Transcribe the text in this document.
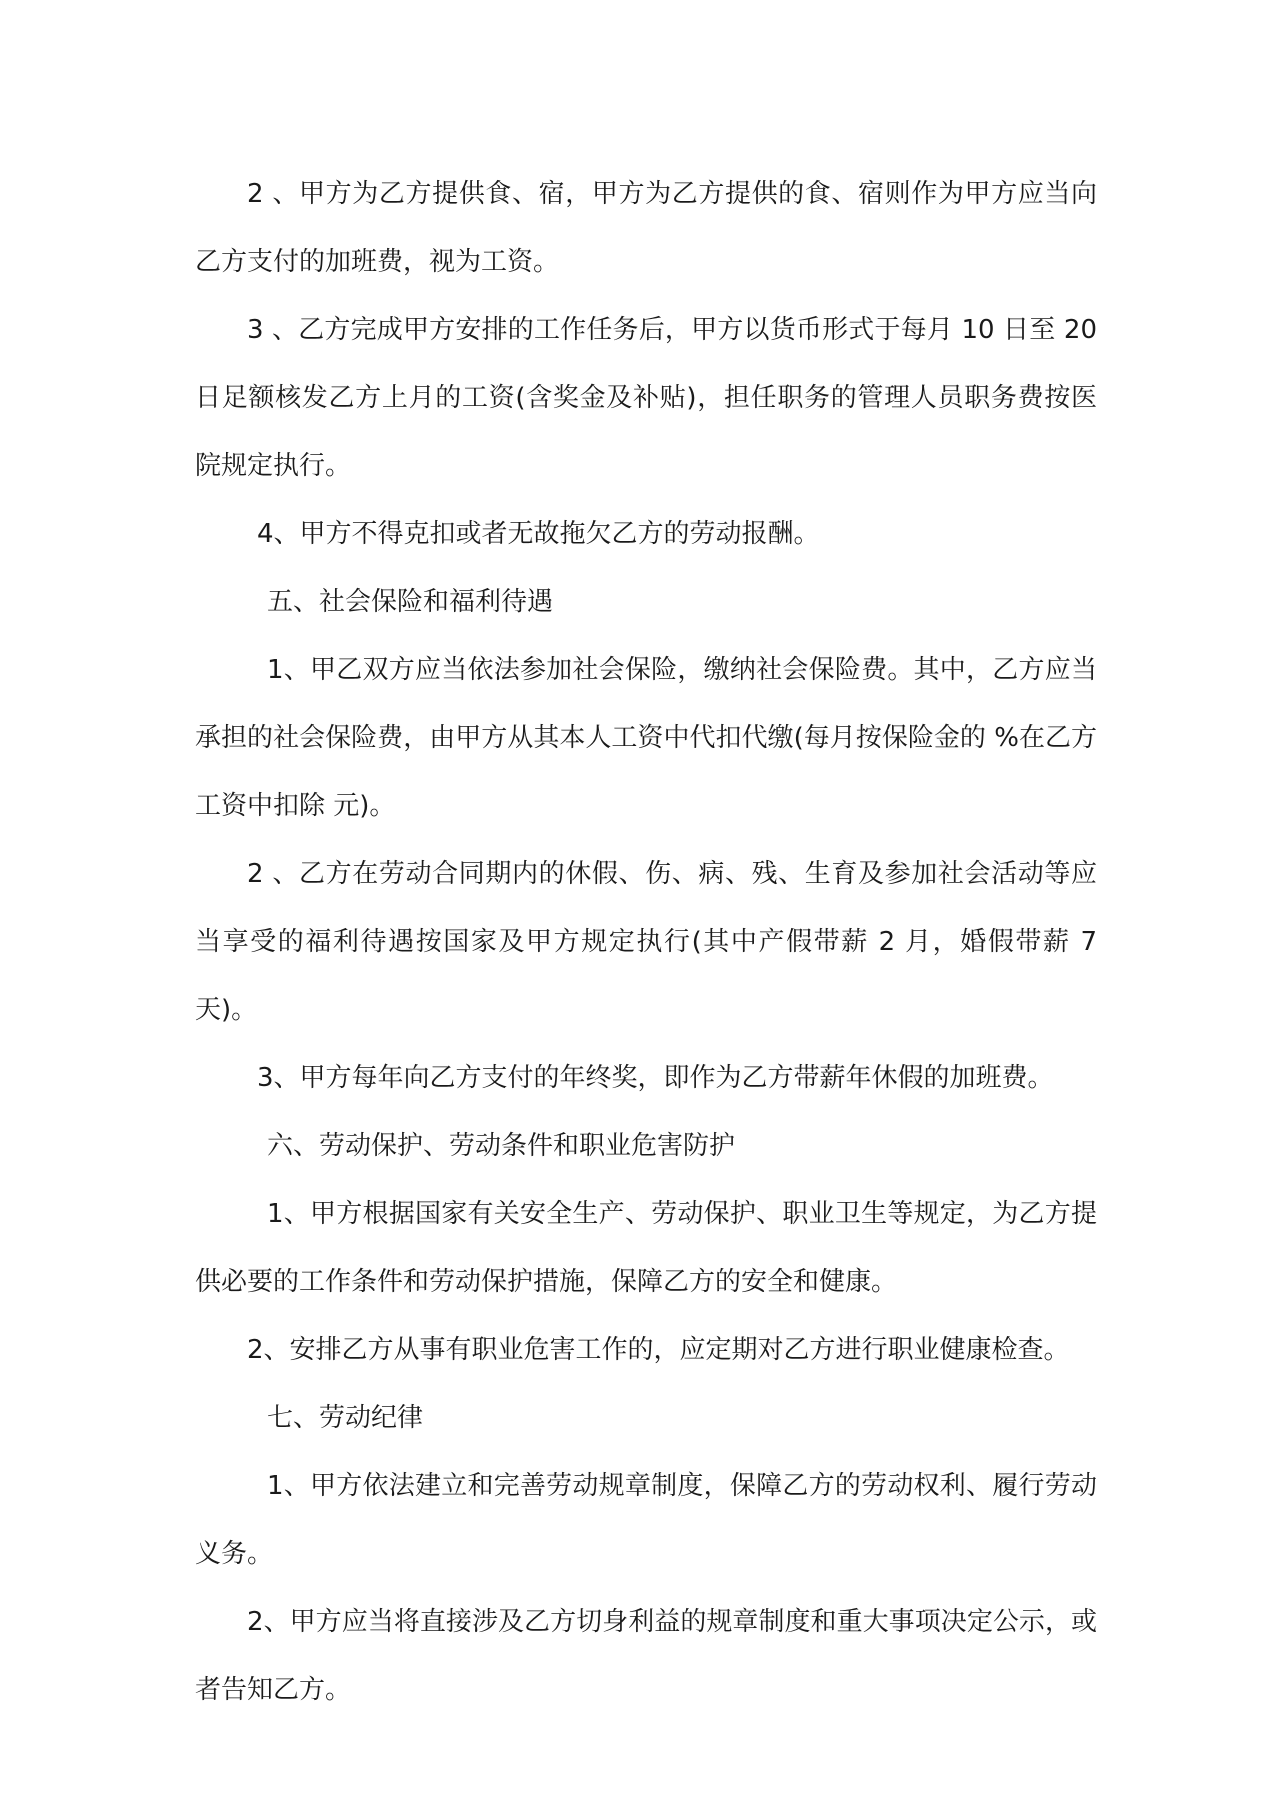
2 、甲方为乙方提供食、宿，甲方为乙方提供的食、宿则作为甲方应当向乙方支付的加班费，视为工资。

3 、乙方完成甲方安排的工作任务后，甲方以货币形式于每月 10 日至 20 日足额核发乙方上月的工资(含奖金及补贴)，担任职务的管理人员职务费按医院规定执行。

4、甲方不得克扣或者无故拖欠乙方的劳动报酬。

五、社会保险和福利待遇

1、甲乙双方应当依法参加社会保险，缴纳社会保险费。其中，乙方应当承担的社会保险费，由甲方从其本人工资中代扣代缴(每月按保险金的 %在乙方工资中扣除 元)。

2 、乙方在劳动合同期内的休假、伤、病、残、生育及参加社会活动等应当享受的福利待遇按国家及甲方规定执行(其中产假带薪 2 月，婚假带薪 7 天)。

3、甲方每年向乙方支付的年终奖，即作为乙方带薪年休假的加班费。

六、劳动保护、劳动条件和职业危害防护

1、甲方根据国家有关安全生产、劳动保护、职业卫生等规定，为乙方提供必要的工作条件和劳动保护措施，保障乙方的安全和健康。

2、安排乙方从事有职业危害工作的，应定期对乙方进行职业健康检查。

七、劳动纪律

1、甲方依法建立和完善劳动规章制度，保障乙方的劳动权利、履行劳动义务。

2、甲方应当将直接涉及乙方切身利益的规章制度和重大事项决定公示，或者告知乙方。
